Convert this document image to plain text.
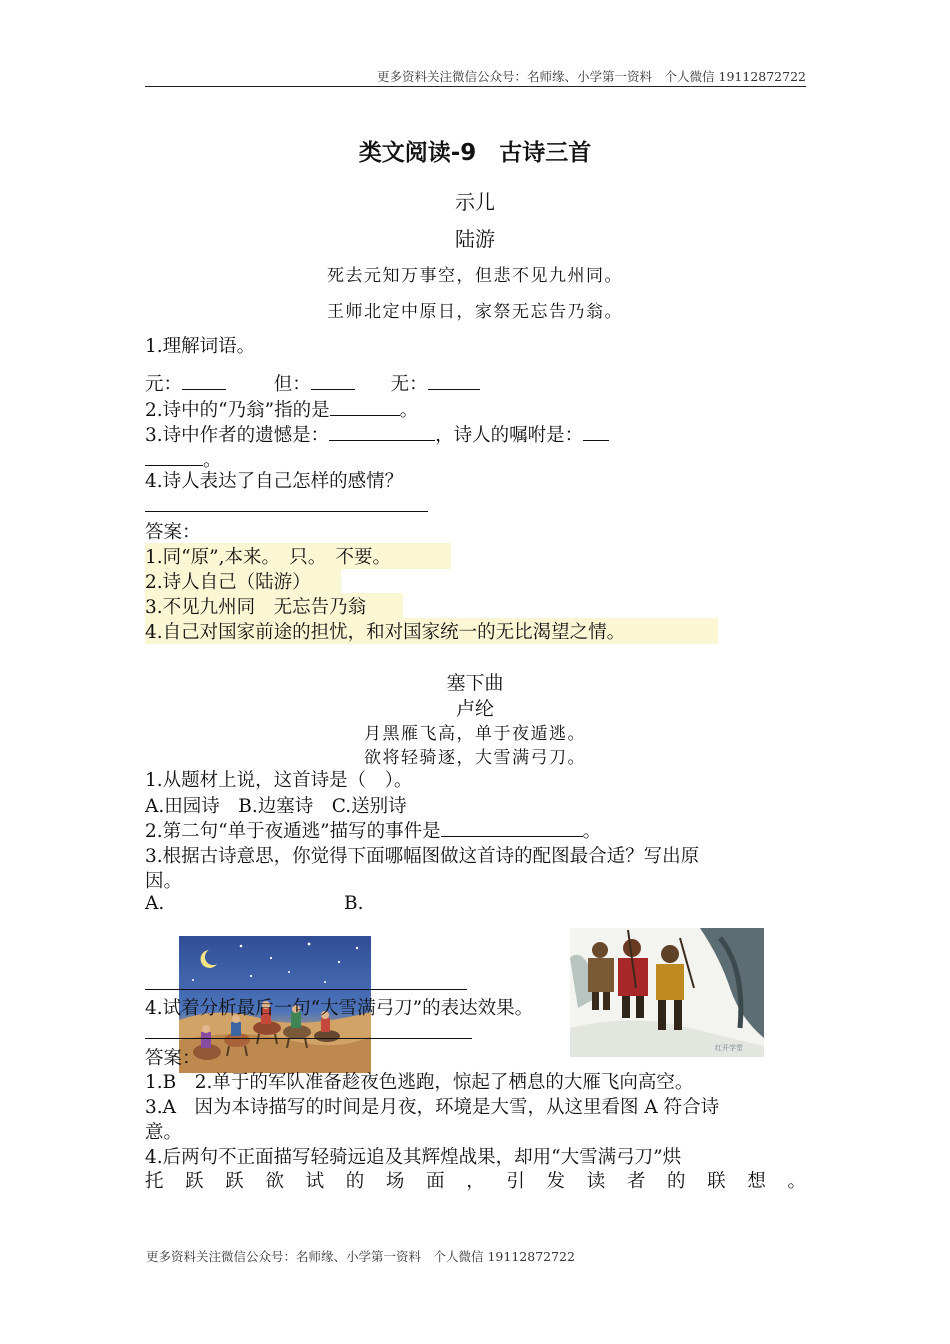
更多资料关注微信公众号：名师缘、小学第一资料　个人微信 19112872722
类文阅读-9　古诗三首
示儿
陆游
死去元知万事空，但悲不见九州同。
王师北定中原日，家祭无忘告乃翁。
1.理解词语。
元：	但：	无：
2.诗中的“乃翁”指的是	。
3.诗中作者的遗憾是：	，诗人的嘱咐是：
。
4.诗人表达了自己怎样的感情？
答案：
1.同“原”,本来。　只。　不要。
2.诗人自己（陆游）
3.不见九州同　无忘告乃翁
4.自己对国家前途的担忧，和对国家统一的无比渴望之情。
塞下曲
卢纶
月黑雁飞高，单于夜遁逃。
欲将轻骑逐，大雪满弓刀。
1.从题材上说，这首诗是（　）。
A.田园诗　B.边塞诗　C.送别诗
2.第二句“单于夜遁逃”描写的事件是	。
3.根据古诗意思，你觉得下面哪幅图做这首诗的配图最合适？写出原
因。
A.	B.
红开学堂
4.试着分析最后一句“大雪满弓刀”的表达效果。
答案：
1.B　2.单于的军队准备趁夜色逃跑，惊起了栖息的大雁飞向高空。
3.A　因为本诗描写的时间是月夜，环境是大雪，从这里看图 A 符合诗
意。
4.后两句不正面描写轻骑远追及其辉煌战果，却用“大雪满弓刀”烘
托跃跃欲试的场面，引发读者的联想。
更多资料关注微信公众号：名师缘、小学第一资料　个人微信 19112872722
